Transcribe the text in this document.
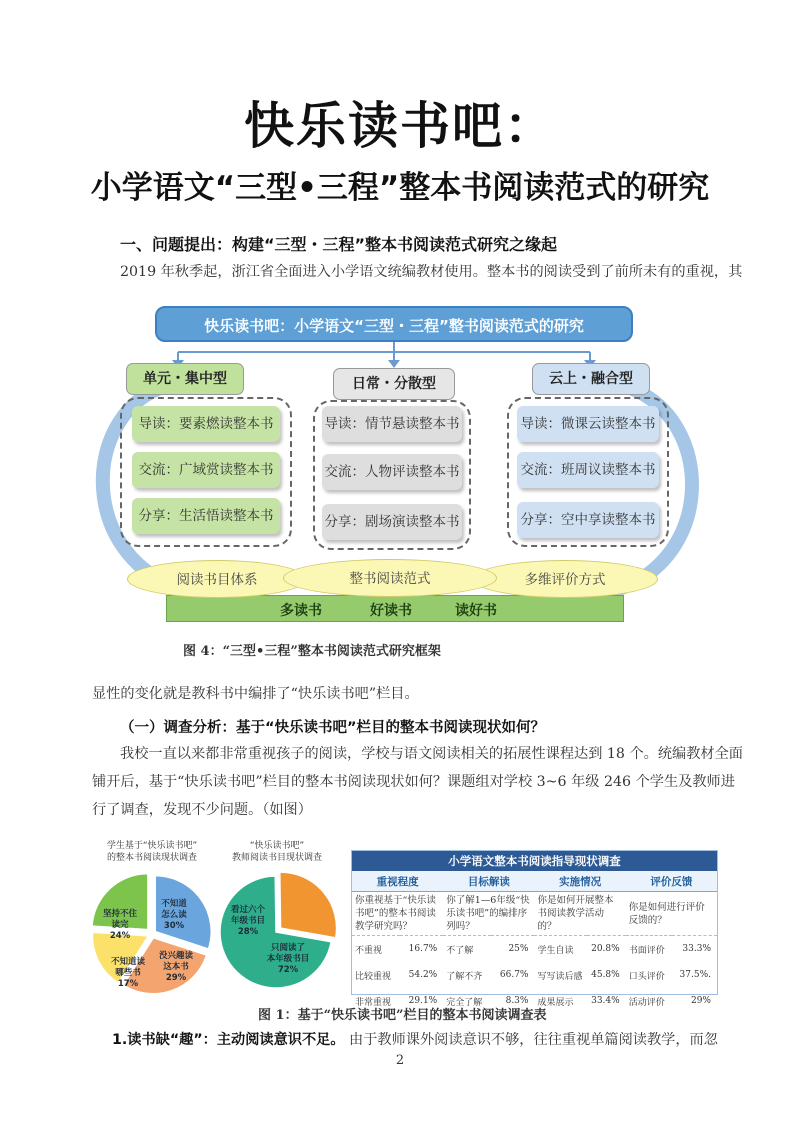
快乐读书吧：
小学语文“三型•三程”整本书阅读范式的研究
一、问题提出：构建“三型・三程”整本书阅读范式研究之缘起
2019 年秋季起，浙江省全面进入小学语文统编教材使用。整本书的阅读受到了前所未有的重视，其
快乐读书吧：小学语文“三型・三程”整书阅读范式的研究
单元・集中型	日常・分散型	云上・融合型
导读：要素燃读整本书
交流：广域赏读整本书
分享：生活悟读整本书
导读：情节悬读整本书
交流：人物评读整本书
分享：剧场演读整本书
导读：微课云读整本书
交流：班周议读整本书
分享：空中享读整本书
阅读书目体系	多维评价方式
整书阅读范式
多读书	好读书	读好书
图 4：“三型•三程”整本书阅读范式研究框架
显性的变化就是教科书中编排了“快乐读书吧”栏目。
（一）调查分析：基于“快乐读书吧”栏目的整本书阅读现状如何？
我校一直以来都非常重视孩子的阅读，学校与语文阅读相关的拓展性课程达到 18 个。统编教材全面
铺开后，基于“快乐读书吧”栏目的整本书阅读现状如何？课题组对学校 3~6 年级 246 个学生及教师进
行了调查，发现不少问题。（如图）
学生基于“快乐读书吧”
的整本书阅读现状调查
不知道
怎么读
30%
没兴趣读
这本书
29%
不知道读
哪些书
17%
坚持不住
读完
24%
“快乐读书吧”
教师阅读书目现状调查
只阅读了
本年级书目
72%
看过六个
年级书目
28%
小学语文整本书阅读指导现状调查
重视程度		目标解读		实施情况		评价反馈	
你重视基于“快乐读书吧”的整本书阅读教学研究吗？		你了解1—6年级“快乐读书吧”的编排序列吗？		你是如何开展整本书阅读教学活动的？		你是如何进行评价反馈的？	
不重视	16.7%	不了解	25%	学生自读	20.8%	书面评价	33.3%
比较重视	54.2%	了解不齐	66.7%	写写读后感	45.8%	口头评价	37.5%.
非常重视	29.1%	完全了解	8.3%	成果展示	33.4%	活动评价	29%
图 1：基于“快乐读书吧”栏目的整本书阅读调查表
1.读书缺“趣”：主动阅读意识不足。 由于教师课外阅读意识不够，往往重视单篇阅读教学，而忽
2
